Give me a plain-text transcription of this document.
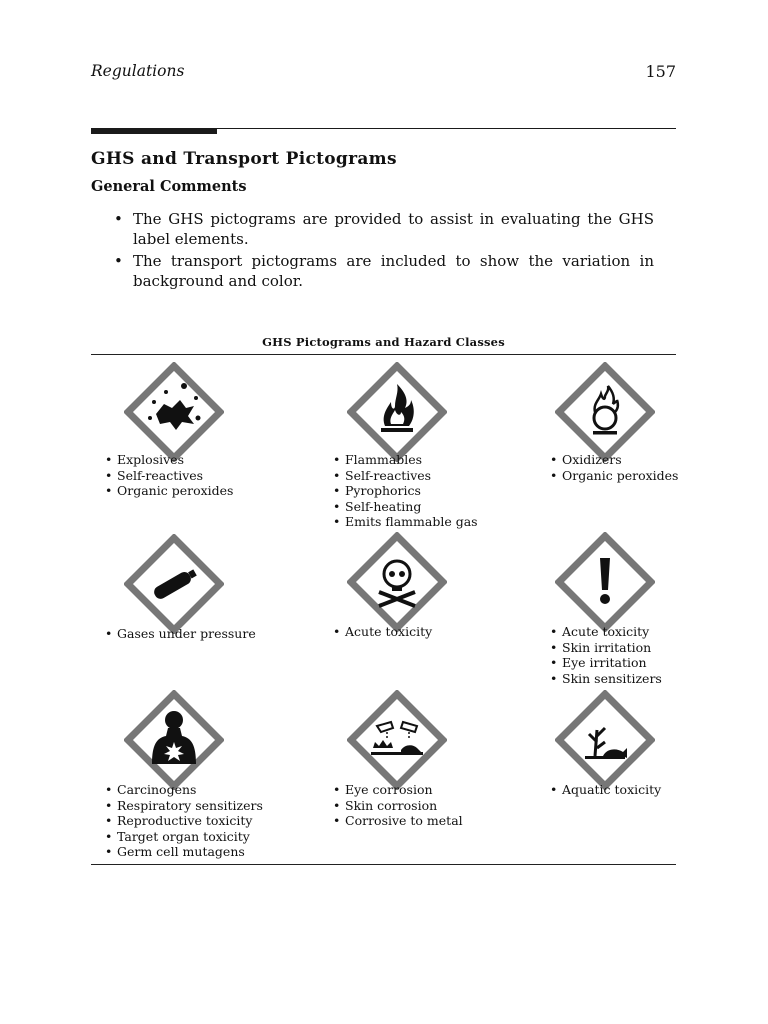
Regulations	157
GHS and Transport Pictograms
General Comments
• The GHS pictograms are provided to assist in evaluating the GHS label elements.
• The transport pictograms are included to show the variation in background and color.
GHS Pictograms and Hazard Classes
• Explosives
• Self-reactives
• Organic peroxides
• Flammables
• Self-reactives
• Pyrophorics
• Self-heating
• Emits flammable gas
• Oxidizers
• Organic peroxides
• Gases under pressure	• Acute toxicity	• Acute toxicity
• Skin irritation
• Eye irritation
• Skin sensitizers
• Carcinogens
• Respiratory sensitizers
• Reproductive toxicity
• Target organ toxicity
• Germ cell mutagens
• Eye corrosion
• Skin corrosion
• Corrosive to metal
• Aquatic toxicity
